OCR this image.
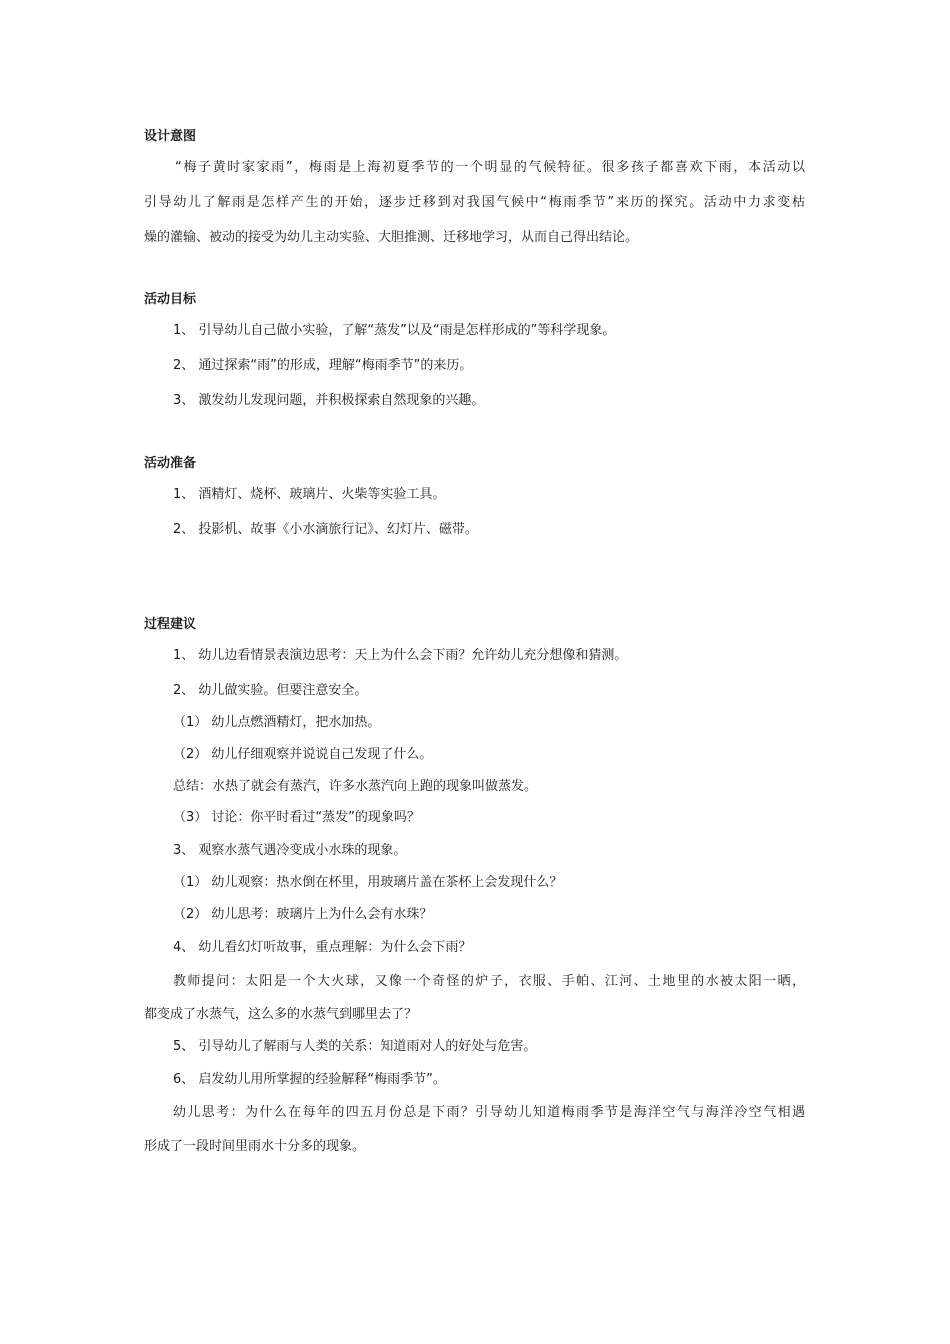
设计意图
“梅子黄时家家雨”，梅雨是上海初夏季节的一个明显的气候特征。很多孩子都喜欢下雨，本活动以
引导幼儿了解雨是怎样产生的开始，逐步迁移到对我国气候中“梅雨季节”来历的探究。活动中力求变枯
燥的灌输、被动的接受为幼儿主动实验、大胆推测、迁移地学习，从而自己得出结论。
活动目标
1、 引导幼儿自己做小实验，了解“蒸发”以及“雨是怎样形成的”等科学现象。
2、 通过探索“雨”的形成，理解“梅雨季节”的来历。
3、 激发幼儿发现问题，并积极探索自然现象的兴趣。
活动准备
1、 酒精灯、烧杯、玻璃片、火柴等实验工具。
2、 投影机、故事《小水滴旅行记》、幻灯片、磁带。
过程建议
1、 幼儿边看情景表演边思考：天上为什么会下雨？允许幼儿充分想像和猜测。
2、 幼儿做实验。但要注意安全。
（1） 幼儿点燃酒精灯，把水加热。
（2） 幼儿仔细观察并说说自己发现了什么。
总结：水热了就会有蒸汽，许多水蒸汽向上跑的现象叫做蒸发。
（3） 讨论：你平时看过“蒸发”的现象吗？
3、 观察水蒸气遇冷变成小水珠的现象。
（1） 幼儿观察：热水倒在杯里，用玻璃片盖在茶杯上会发现什么？
（2） 幼儿思考：玻璃片上为什么会有水珠？
4、 幼儿看幻灯听故事，重点理解：为什么会下雨？
教师提问：太阳是一个大火球，又像一个奇怪的炉子，衣服、手帕、江河、土地里的水被太阳一晒，
都变成了水蒸气，这么多的水蒸气到哪里去了？
5、 引导幼儿了解雨与人类的关系：知道雨对人的好处与危害。
6、 启发幼儿用所掌握的经验解释“梅雨季节”。
幼儿思考：为什么在每年的四五月份总是下雨？引导幼儿知道梅雨季节是海洋空气与海洋冷空气相遇
形成了一段时间里雨水十分多的现象。
